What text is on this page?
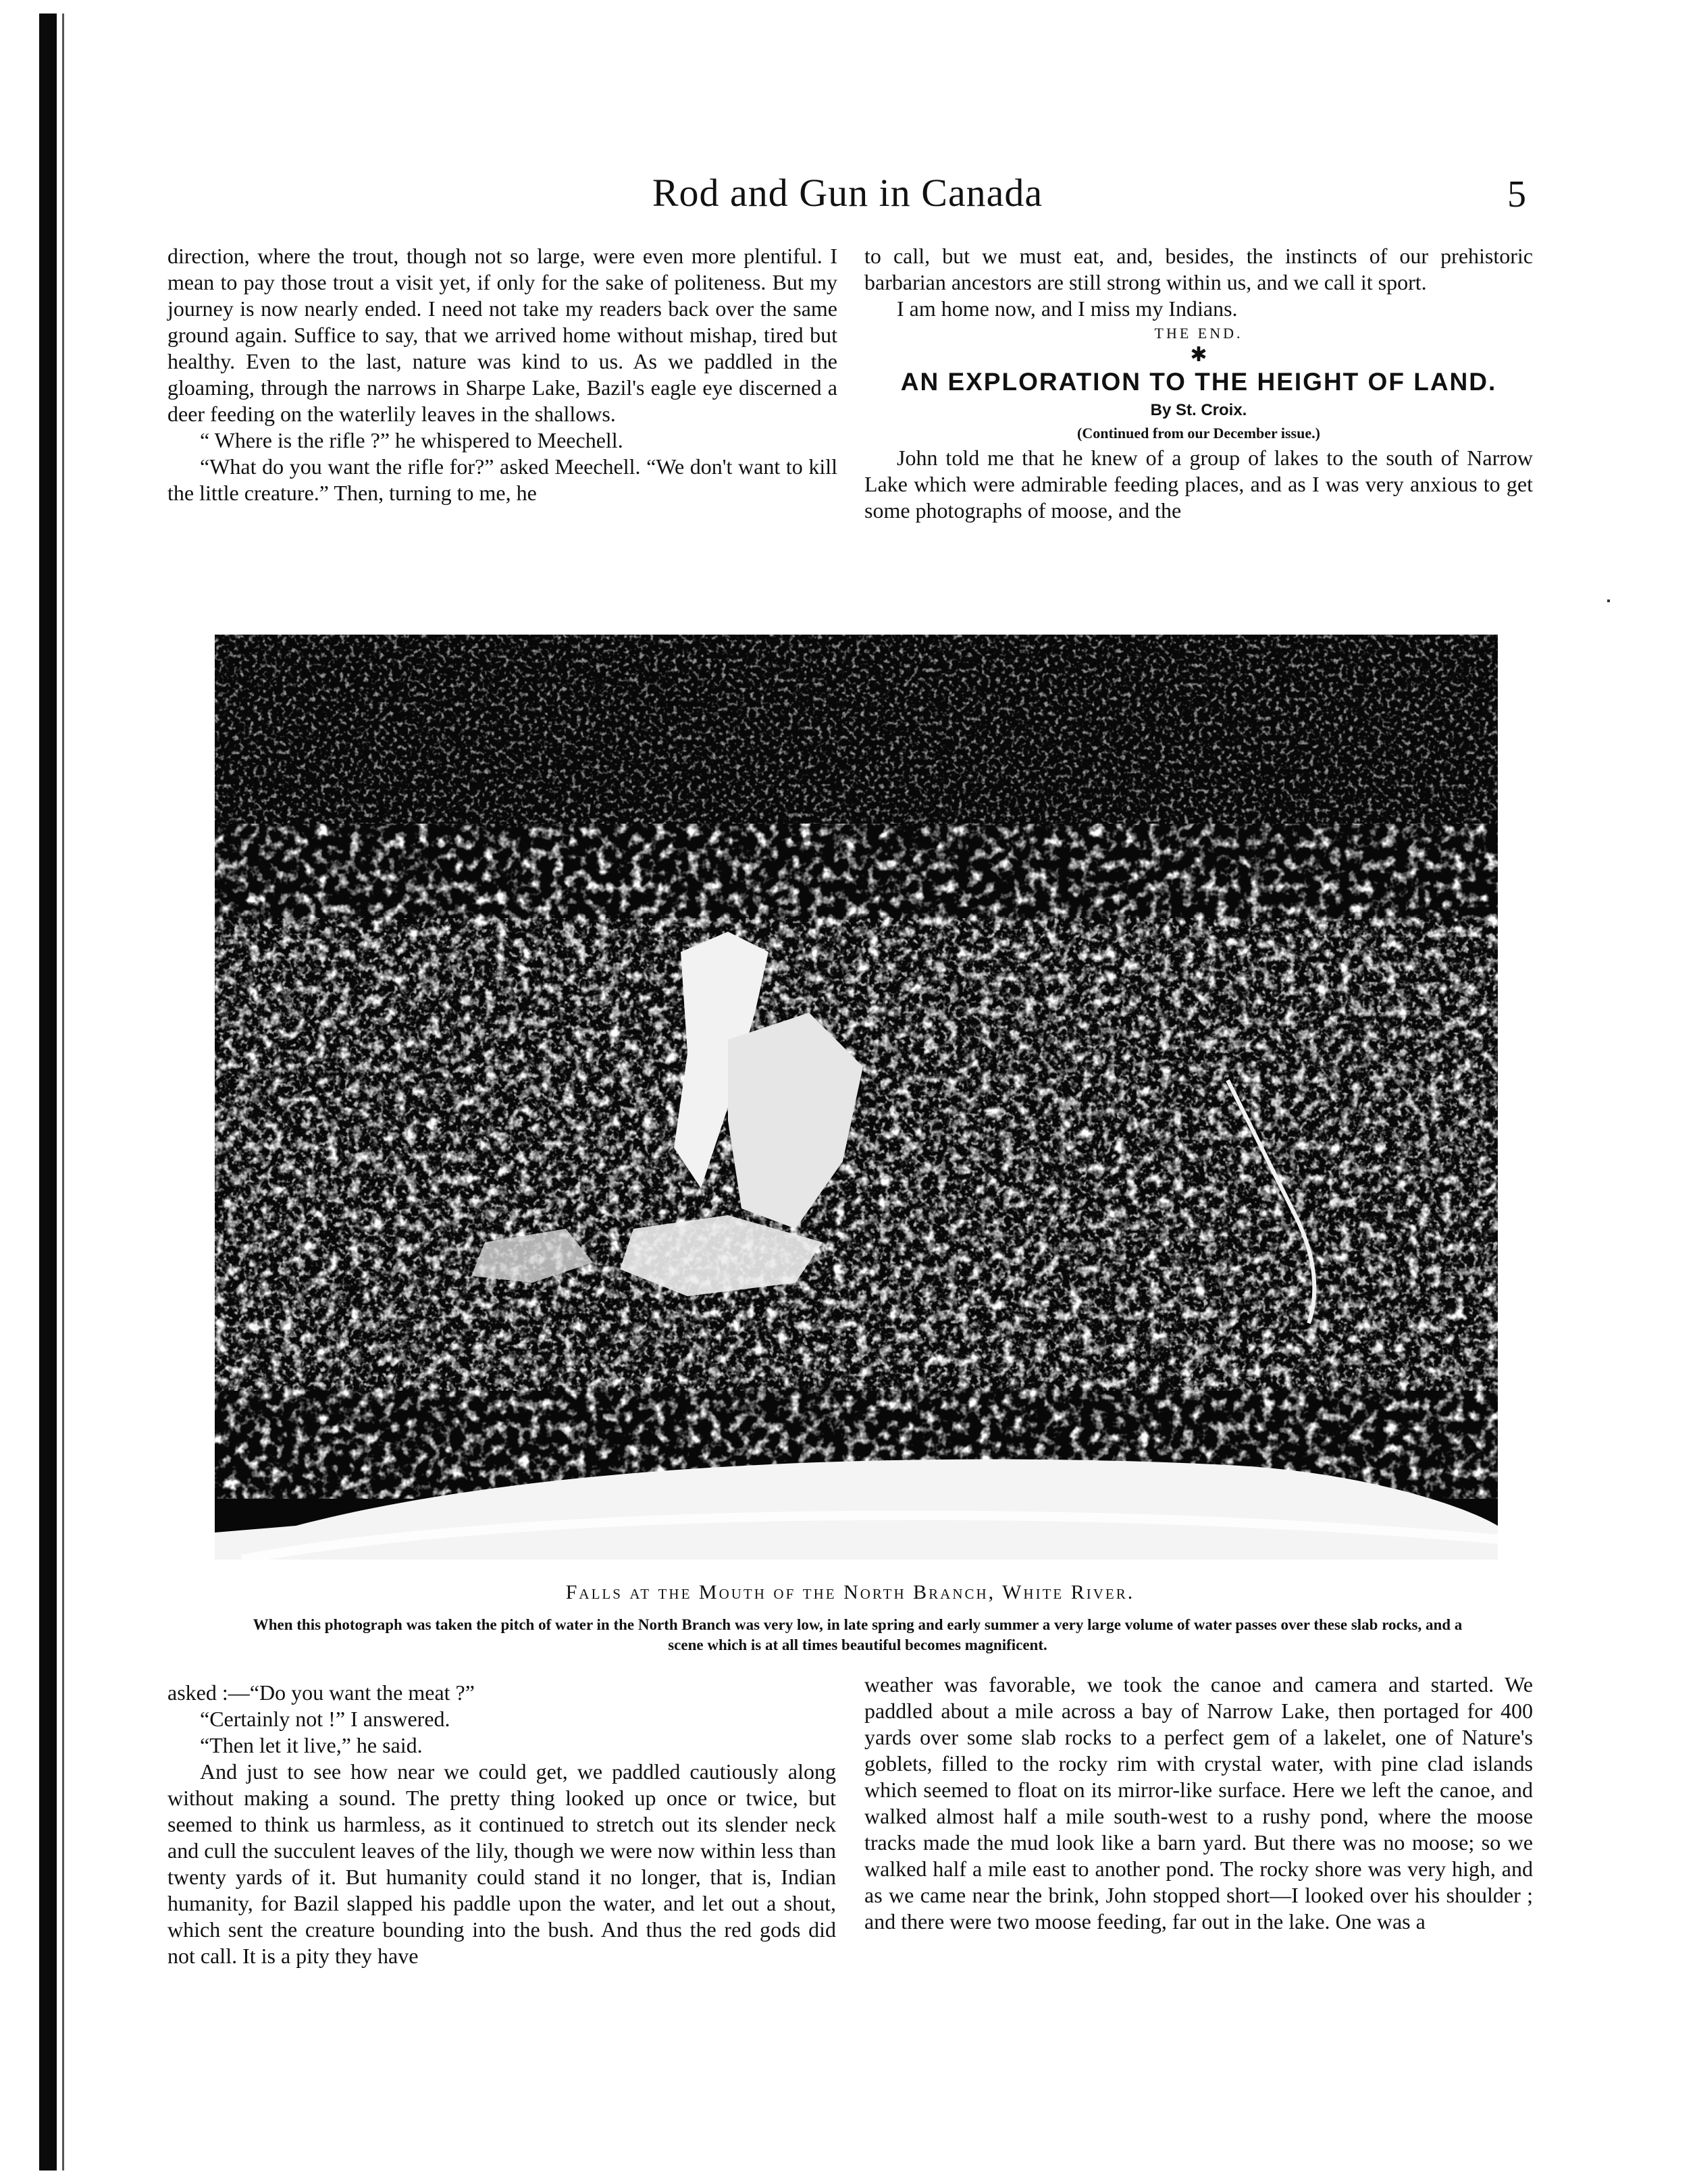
Rod and Gun in Canada	5

direction, where the trout, though not so large, were even more plentiful. I mean to pay those trout a visit yet, if only for the sake of politeness. But my journey is now nearly ended. I need not take my readers back over the same ground again. Suffice to say, that we arrived home without mishap, tired but healthy. Even to the last, nature was kind to us. As we paddled in the gloaming, through the narrows in Sharpe Lake, Bazil's eagle eye discerned a deer feeding on the waterlily leaves in the shallows.

“ Where is the rifle ?” he whispered to Meechell.

“What do you want the rifle for?” asked Meechell. “We don't want to kill the little creature.” Then, turning to me, he

to call, but we must eat, and, besides, the instincts of our prehistoric barbarian ancestors are still strong within us, and we call it sport.

I am home now, and I miss my Indians.

THE END.

✱

AN EXPLORATION TO THE HEIGHT OF LAND.

By St. Croix.

(Continued from our December issue.)

John told me that he knew of a group of lakes to the south of Narrow Lake which were admirable feeding places, and as I was very anxious to get some photographs of moose, and the

Falls at the Mouth of the North Branch, White River.
When this photograph was taken the pitch of water in the North Branch was very low, in late spring and early summer a very large volume of water passes over these slab rocks, and a scene which is at all times beautiful becomes magnificent.

asked :—“Do you want the meat ?”

“Certainly not !” I answered.

“Then let it live,” he said.

And just to see how near we could get, we paddled cautiously along without making a sound. The pretty thing looked up once or twice, but seemed to think us harmless, as it continued to stretch out its slender neck and cull the succulent leaves of the lily, though we were now within less than twenty yards of it. But humanity could stand it no longer, that is, Indian humanity, for Bazil slapped his paddle upon the water, and let out a shout, which sent the creature bounding into the bush. And thus the red gods did not call. It is a pity they have

weather was favorable, we took the canoe and camera and started. We paddled about a mile across a bay of Narrow Lake, then portaged for 400 yards over some slab rocks to a perfect gem of a lakelet, one of Nature's goblets, filled to the rocky rim with crystal water, with pine clad islands which seemed to float on its mirror-like surface. Here we left the canoe, and walked almost half a mile south-west to a rushy pond, where the moose tracks made the mud look like a barn yard. But there was no moose; so we walked half a mile east to another pond. The rocky shore was very high, and as we came near the brink, John stopped short—I looked over his shoulder ; and there were two moose feeding, far out in the lake. One was a
